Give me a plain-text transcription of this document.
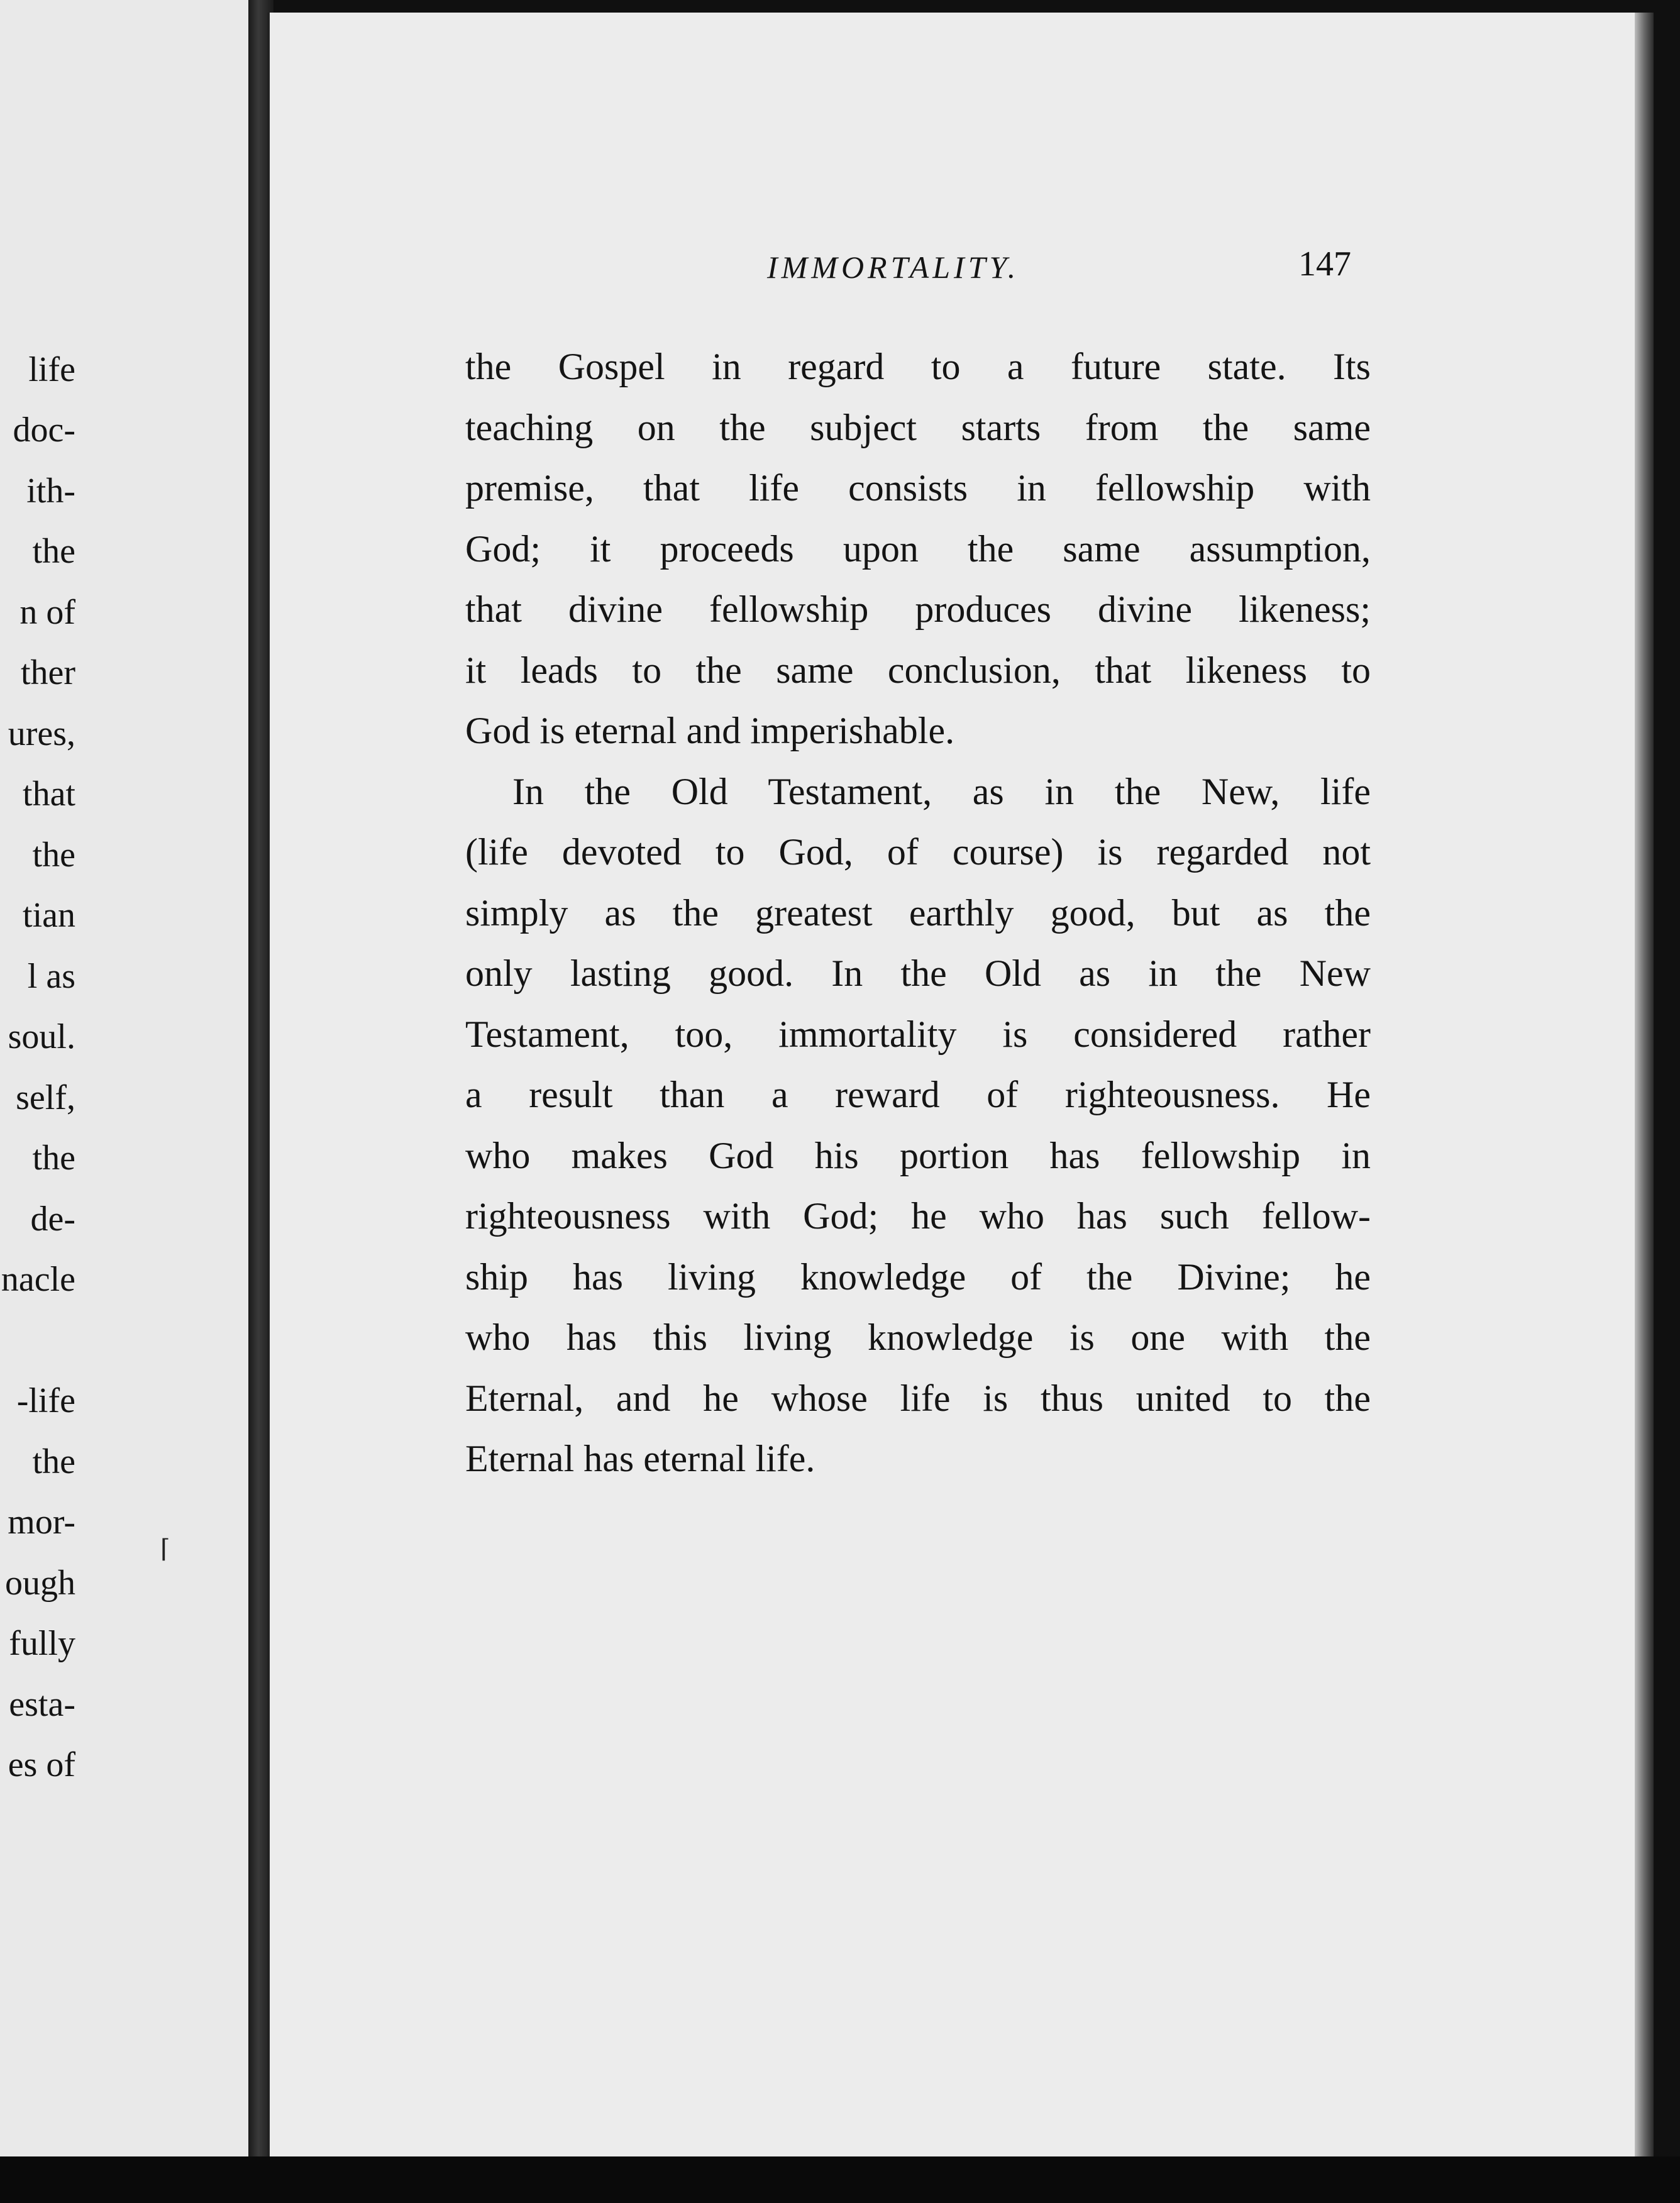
life
doc-
ith-
the
n of
ther
ures,
that
the
tian
l as
soul.
self,
the
de-
nacle
-life
the
mor-
ough
fully
esta-
es of
⌈
IMMORTALITY.	147
the Gospel in regard to a future state. Its
teaching on the subject starts from the same
premise, that life consists in fellowship with
God; it proceeds upon the same assumption,
that divine fellowship produces divine likeness;
it leads to the same conclusion, that likeness to
God is eternal and imperishable.
In the Old Testament, as in the New, life
(life devoted to God, of course) is regarded not
simply as the greatest earthly good, but as the
only lasting good. In the Old as in the New
Testament, too, immortality is considered rather
a result than a reward of righteousness. He
who makes God his portion has fellowship in
righteousness with God; he who has such fellow-
ship has living knowledge of the Divine; he
who has this living knowledge is one with the
Eternal, and he whose life is thus united to the
Eternal has eternal life.
